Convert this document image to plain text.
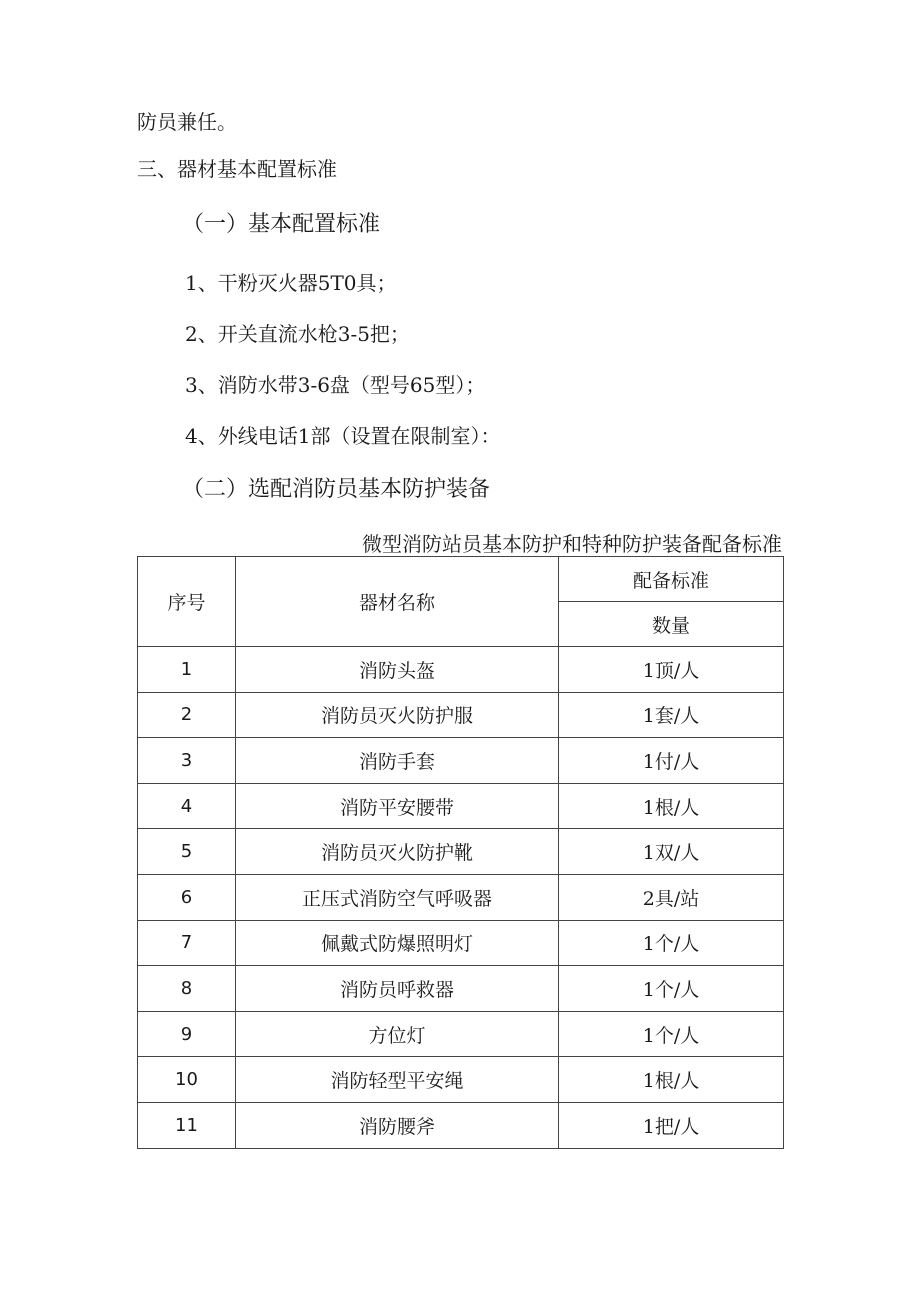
防员兼任。
三、器材基本配置标准
（一）基本配置标准
1、干粉灭火器5T0具；
2、开关直流水枪3-5把；
3、消防水带3-6盘（型号65型）；
4、外线电话1部（设置在限制室）：
（二）选配消防员基本防护装备
微型消防站员基本防护和特种防护装备配备标准
序号	器材名称	配备标准
		数量
1	消防头盔	1顶/人
2	消防员灭火防护服	1套/人
3	消防手套	1付/人
4	消防平安腰带	1根/人
5	消防员灭火防护靴	1双/人
6	正压式消防空气呼吸器	2具/站
7	佩戴式防爆照明灯	1个/人
8	消防员呼救器	1个/人
9	方位灯	1个/人
10	消防轻型平安绳	1根/人
11	消防腰斧	1把/人
